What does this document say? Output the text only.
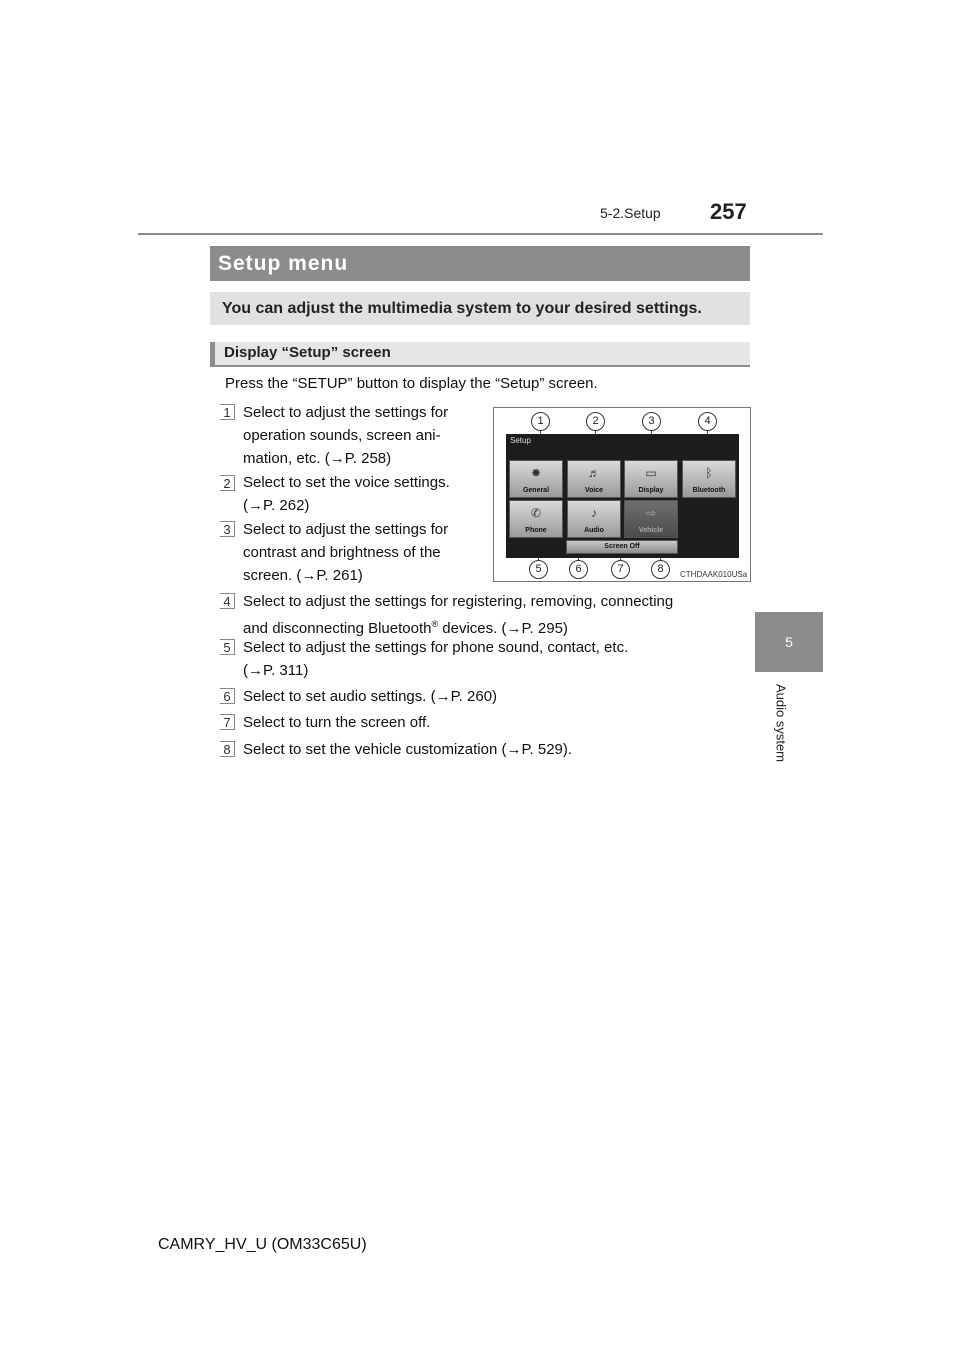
5-2.Setup 257
5
Audio system
Setup menu
You can adjust the multimedia system to your desired settings.
Display “Setup” screen
Press the “SETUP” button to display the “Setup” screen.
1 Select to adjust the settings for
operation sounds, screen ani-
mation, etc. (→P. 258)
2 Select to set the voice settings.
(→P. 262)
3 Select to adjust the settings for
contrast and brightness of the
screen. (→P. 261)
Setup
✹
General
♬
Voice
▭
Display
ᛒ
Bluetooth
✆
Phone
♪
Audio
⇨
Vehicle
Screen Off
1	2	3	4
5	6	7	8	CTHDAAK010USa
4 Select to adjust the settings for registering, removing, connecting
and disconnecting Bluetooth® devices. (→P. 295)
5 Select to adjust the settings for phone sound, contact, etc.
(→P. 311)
6 Select to set audio settings. (→P. 260)
7 Select to turn the screen off.
8 Select to set the vehicle customization (→P. 529).
CAMRY_HV_U (OM33C65U)
